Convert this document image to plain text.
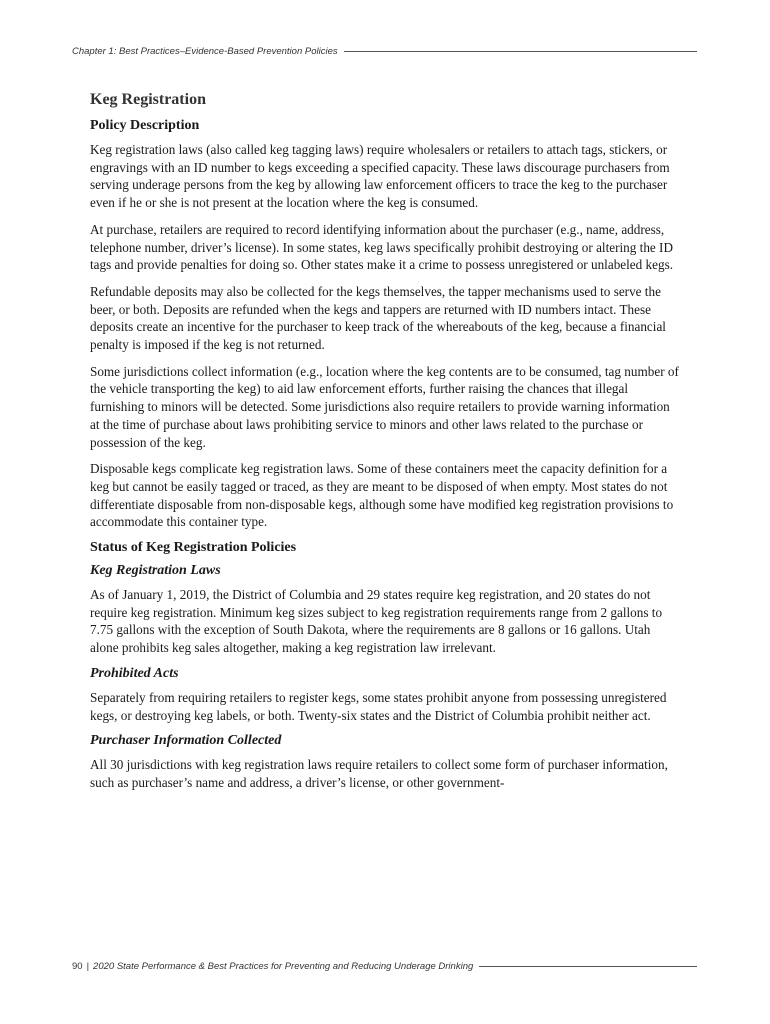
Chapter 1: Best Practices–Evidence-Based Prevention Policies
Keg Registration
Policy Description

Keg registration laws (also called keg tagging laws) require wholesalers or retailers to attach tags, stickers, or engravings with an ID number to kegs exceeding a specified capacity. These laws discourage purchasers from serving underage persons from the keg by allowing law enforcement officers to trace the keg to the purchaser even if he or she is not present at the location where the keg is consumed.

At purchase, retailers are required to record identifying information about the purchaser (e.g., name, address, telephone number, driver’s license). In some states, keg laws specifically prohibit destroying or altering the ID tags and provide penalties for doing so. Other states make it a crime to possess unregistered or unlabeled kegs.

Refundable deposits may also be collected for the kegs themselves, the tapper mechanisms used to serve the beer, or both. Deposits are refunded when the kegs and tappers are returned with ID numbers intact. These deposits create an incentive for the purchaser to keep track of the whereabouts of the keg, because a financial penalty is imposed if the keg is not returned.

Some jurisdictions collect information (e.g., location where the keg contents are to be consumed, tag number of the vehicle transporting the keg) to aid law enforcement efforts, further raising the chances that illegal furnishing to minors will be detected. Some jurisdictions also require retailers to provide warning information at the time of purchase about laws prohibiting service to minors and other laws related to the purchase or possession of the keg.

Disposable kegs complicate keg registration laws. Some of these containers meet the capacity definition for a keg but cannot be easily tagged or traced, as they are meant to be disposed of when empty. Most states do not differentiate disposable from non-disposable kegs, although some have modified keg registration provisions to accommodate this container type.

Status of Keg Registration Policies
Keg Registration Laws

As of January 1, 2019, the District of Columbia and 29 states require keg registration, and 20 states do not require keg registration. Minimum keg sizes subject to keg registration requirements range from 2 gallons to 7.75 gallons with the exception of South Dakota, where the requirements are 8 gallons or 16 gallons. Utah alone prohibits keg sales altogether, making a keg registration law irrelevant.

Prohibited Acts

Separately from requiring retailers to register kegs, some states prohibit anyone from possessing unregistered kegs, or destroying keg labels, or both. Twenty-six states and the District of Columbia prohibit neither act.

Purchaser Information Collected

All 30 jurisdictions with keg registration laws require retailers to collect some form of purchaser information, such as purchaser’s name and address, a driver’s license, or other government-

90 | 2020 State Performance & Best Practices for Preventing and Reducing Underage Drinking
